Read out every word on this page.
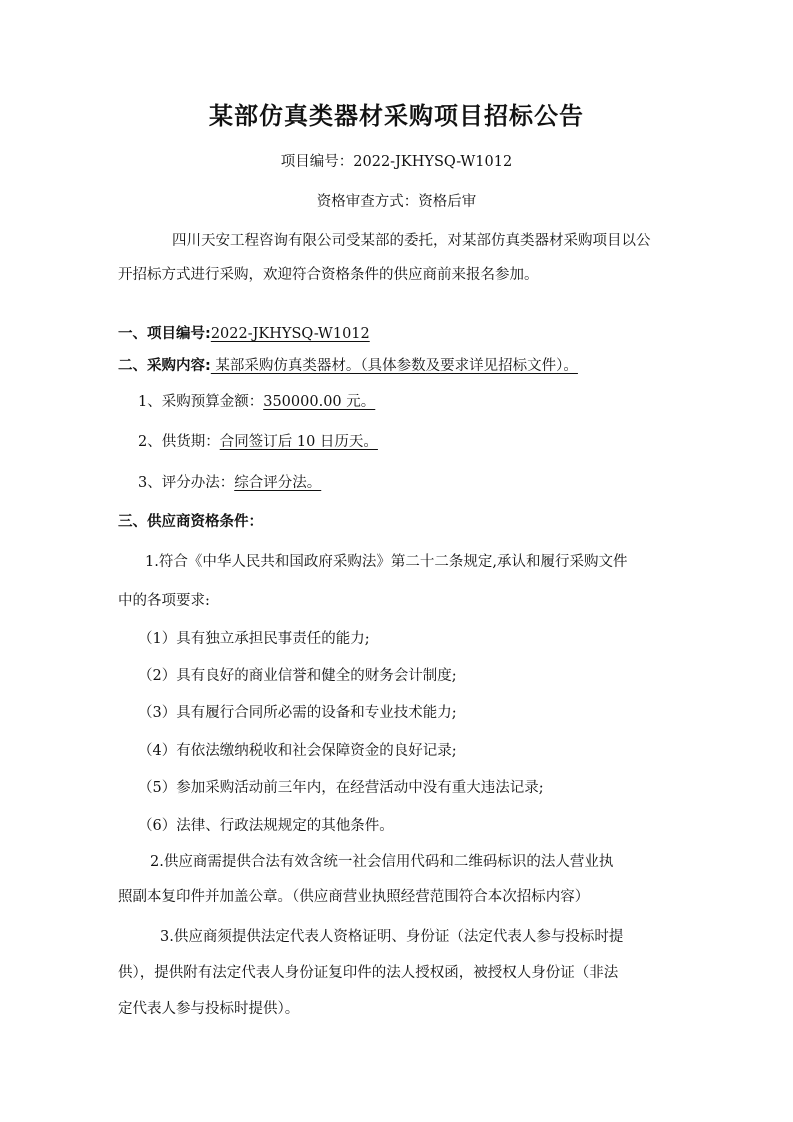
某部仿真类器材采购项目招标公告
项目编号：2022-JKHYSQ-W1012
资格审查方式：资格后审
四川天安工程咨询有限公司受某部的委托，对某部仿真类器材采购项目以公
开招标方式进行采购，欢迎符合资格条件的供应商前来报名参加。
一、项目编号:2022-JKHYSQ-W1012
二、采购内容: 某部采购仿真类器材。（具体参数及要求详见招标文件）。
1、采购预算金额：350000.00 元。
2、供货期：合同签订后 10 日历天。
3、评分办法：综合评分法。
三、供应商资格条件：
1.符合《中华人民共和国政府采购法》第二十二条规定,承认和履行采购文件
中的各项要求:
（1）具有独立承担民事责任的能力;
（2）具有良好的商业信誉和健全的财务会计制度;
（3）具有履行合同所必需的设备和专业技术能力;
（4）有依法缴纳税收和社会保障资金的良好记录;
（5）参加采购活动前三年内，在经营活动中没有重大违法记录;
（6）法律、行政法规规定的其他条件。
2.供应商需提供合法有效含统一社会信用代码和二维码标识的法人营业执
照副本复印件并加盖公章。（供应商营业执照经营范围符合本次招标内容）
3.供应商须提供法定代表人资格证明、身份证（法定代表人参与投标时提
供），提供附有法定代表人身份证复印件的法人授权函，被授权人身份证（非法
定代表人参与投标时提供）。
